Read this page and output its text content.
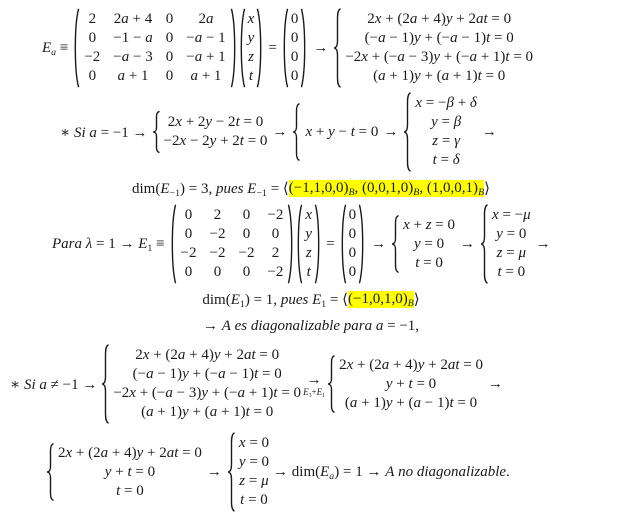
$E_a$ ≡
2 2a + 4 0	2a
0 −1 − a 0 −a − 1
−2 −a − 3 0 −a + 1
0 a + 1 0 a + 1
x
y
z
t
=
0
0
0
0
→
2x + (2a + 4)y + 2at = 0
(−a − 1)y + (−a − 1)t = 0
−2x + (−a − 3)y + (−a + 1)t = 0
(a + 1)y + (a + 1)t = 0
∗ Si a = −1 →
2x + 2y − 2t = 0
−2x − 2y + 2t = 0
→ x + y − t = 0 →
x = −β + δ
y = β
z = γ
t = δ
→
$dim(E_{-1}) = 3$, pues $E_{-1}$ = ⟨ $(-1,1,0,0)_B$, $(0,0,1,0)_B$, $(1,0,0,1)_B$ ⟩
Para $\lambda = 1 \to E_1$ ≡
0 2 0 −2
0 −2 0 0
−2 −2 −2 2
0 0 0 −2
x
y
z
t
=
0
0
0
0
→
x + z = 0
y = 0
t = 0
→
x = −μ
y = 0
z = μ
t = 0
→
$dim(E_1) = 1$, pues $E_1$ = ⟨ $(-1,0,1,0)_B$ ⟩
→ A es diagonalizable para a = −1,
∗ Si a ≠ −1 →
2x + (2a + 4)y + 2at = 0
(−a − 1)y + (−a − 1)t = 0
−2x + (−a − 3)y + (−a + 1)t = 0
(a + 1)y + (a + 1)t = 0
→
$E_3+E_1$
2x + (2a + 4)y + 2at = 0
y + t = 0
(a + 1)y + (a − 1)t = 0
→
2x + (2a + 4)y + 2at = 0
y + t = 0
t = 0
→
x = 0
y = 0
z = μ
t = 0
→ $dim(E_a) = 1 \to A$ no diagonalizable.
